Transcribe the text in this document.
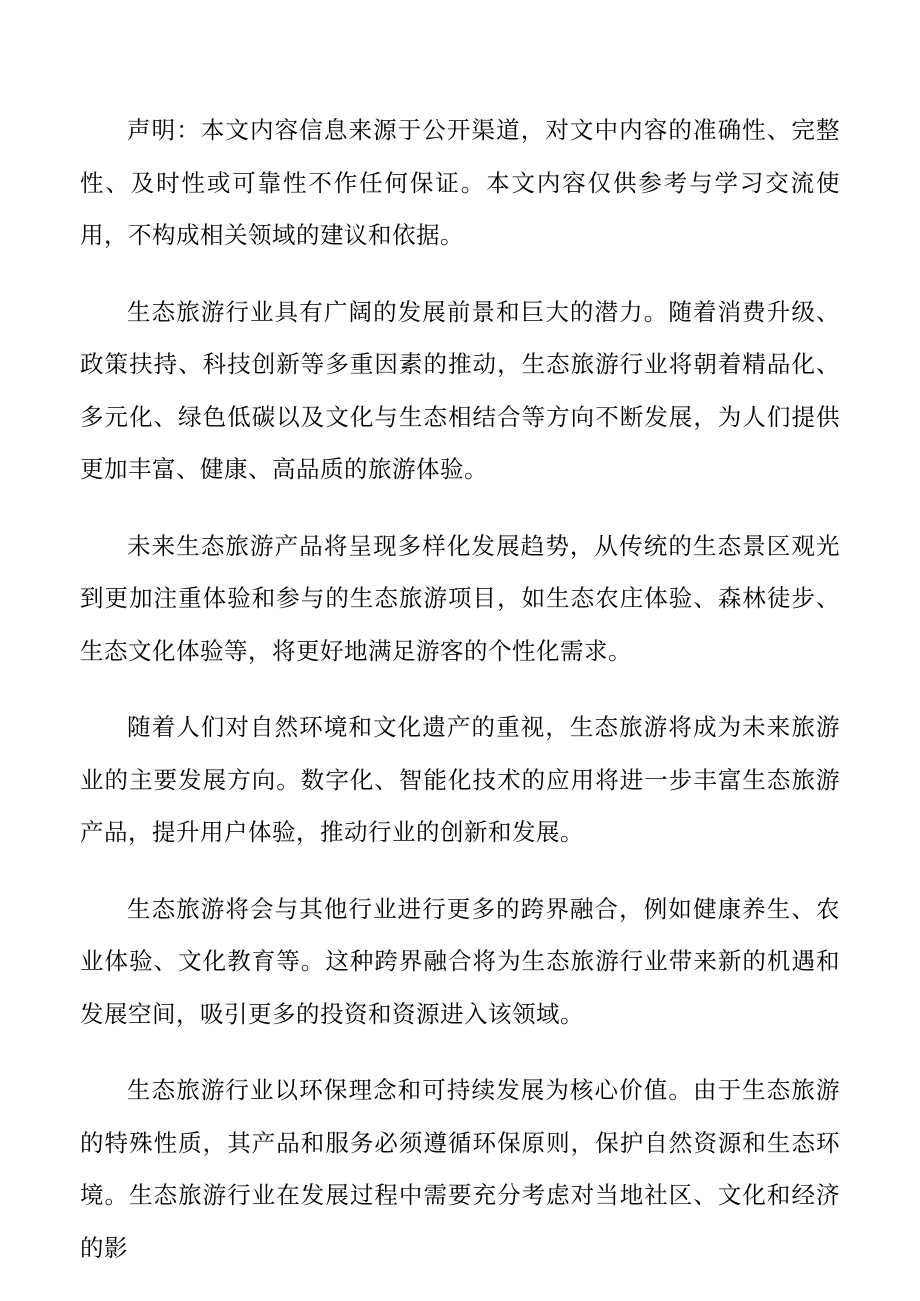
声明：本文内容信息来源于公开渠道，对文中内容的准确性、完整性、及时性或可靠性不作任何保证。本文内容仅供参考与学习交流使用，不构成相关领域的建议和依据。

生态旅游行业具有广阔的发展前景和巨大的潜力。随着消费升级、政策扶持、科技创新等多重因素的推动，生态旅游行业将朝着精品化、多元化、绿色低碳以及文化与生态相结合等方向不断发展，为人们提供更加丰富、健康、高品质的旅游体验。

未来生态旅游产品将呈现多样化发展趋势，从传统的生态景区观光到更加注重体验和参与的生态旅游项目，如生态农庄体验、森林徒步、生态文化体验等，将更好地满足游客的个性化需求。

随着人们对自然环境和文化遗产的重视，生态旅游将成为未来旅游业的主要发展方向。数字化、智能化技术的应用将进一步丰富生态旅游产品，提升用户体验，推动行业的创新和发展。

生态旅游将会与其他行业进行更多的跨界融合，例如健康养生、农业体验、文化教育等。这种跨界融合将为生态旅游行业带来新的机遇和发展空间，吸引更多的投资和资源进入该领域。

生态旅游行业以环保理念和可持续发展为核心价值。由于生态旅游的特殊性质，其产品和服务必须遵循环保原则，保护自然资源和生态环境。生态旅游行业在发展过程中需要充分考虑对当地社区、文化和经济的影
